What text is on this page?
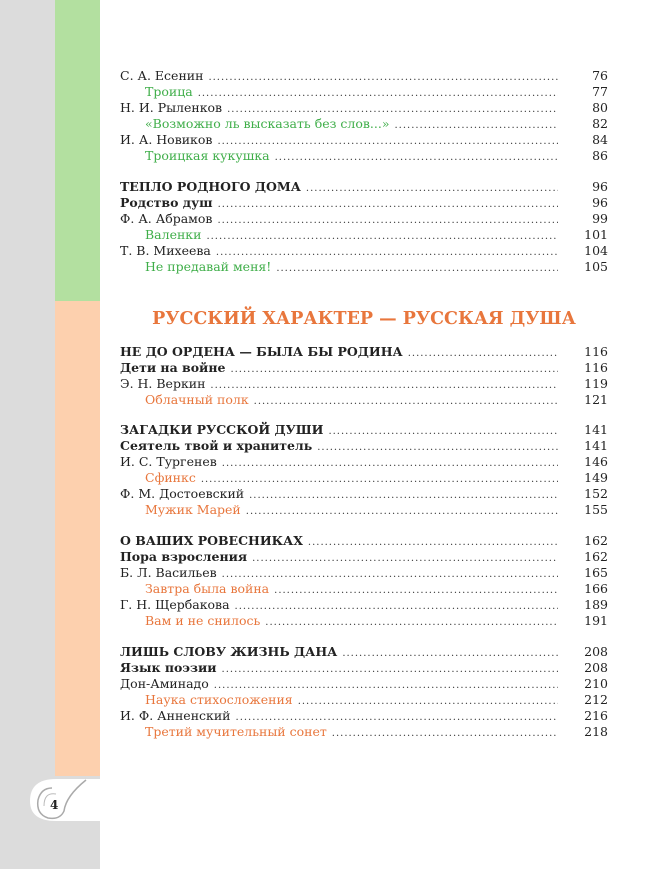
4
РУССКИЙ ХАРАКТЕР — РУССКАЯ ДУША
С. А. Есенин .....	76
Троица .....	77
Н. И. Рыленков .....	80
«Возможно ль высказать без слов...» .....	82
И. А. Новиков .....	84
Троицкая кукушка .....	86
ТЕПЛО РОДНОГО ДОМА .....	96
Родство душ .....	96
Ф. А. Абрамов .....	99
Валенки .....	101
Т. В. Михеева .....	104
Не предавай меня! .....	105
НЕ ДО ОРДЕНА — БЫЛА БЫ РОДИНА .....	116
Дети на войне .....	116
Э. Н. Веркин .....	119
Облачный полк .....	121
ЗАГАДКИ РУССКОЙ ДУШИ .....	141
Сеятель твой и хранитель .....	141
И. С. Тургенев .....	146
Сфинкс .....	149
Ф. М. Достоевский .....	152
Мужик Марей .....	155
О ВАШИХ РОВЕСНИКАХ .....	162
Пора взросления .....	162
Б. Л. Васильев .....	165
Завтра была война .....	166
Г. Н. Щербакова .....	189
Вам и не снилось .....	191
ЛИШЬ СЛОВУ ЖИЗНЬ ДАНА .....	208
Язык поэзии .....	208
Дон-Аминадо .....	210
Наука стихосложения .....	212
И. Ф. Анненский .....	216
Третий мучительный сонет .....	218
